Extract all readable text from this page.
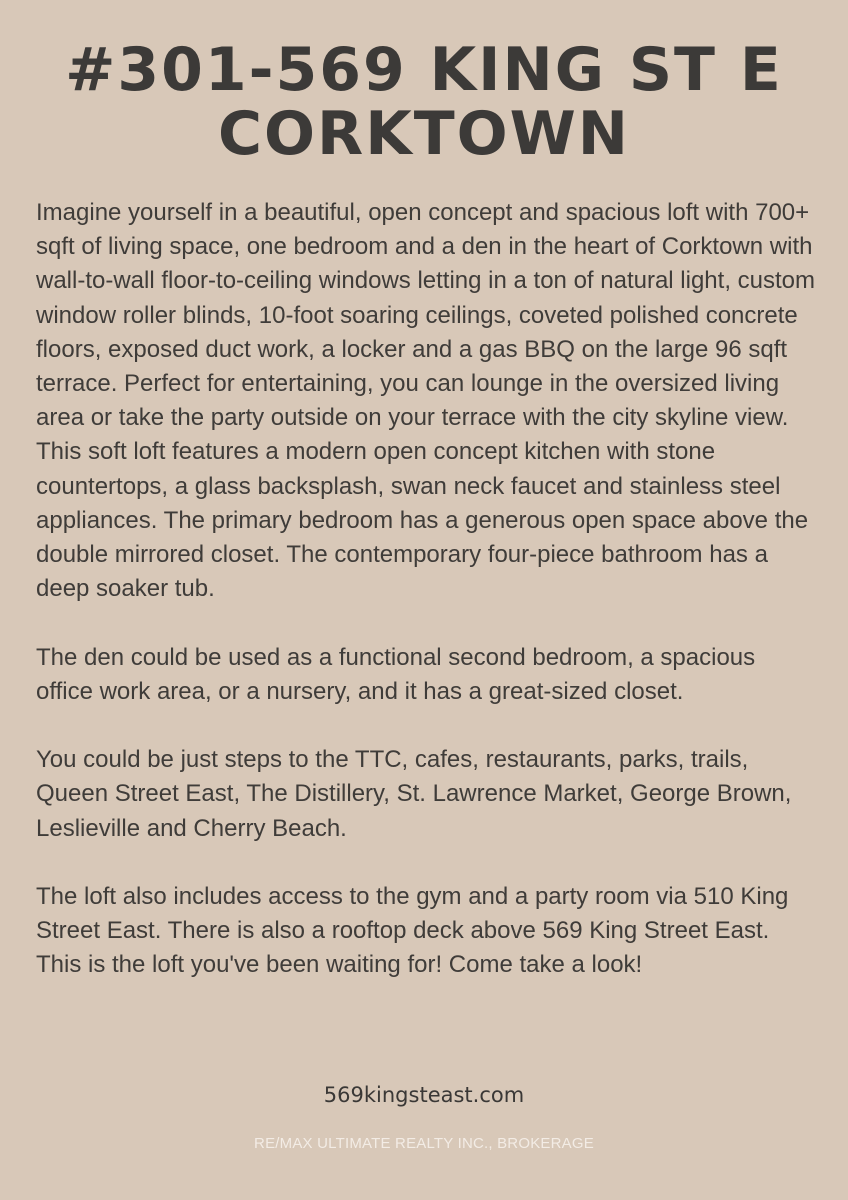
#301-569 KING ST E
CORKTOWN

Imagine yourself in a beautiful, open concept and spacious loft with 700+ sqft of living space, one bedroom and a den in the heart of Corktown with wall-to-wall floor-to-ceiling windows letting in a ton of natural light, custom window roller blinds, 10-foot soaring ceilings, coveted polished concrete floors, exposed duct work, a locker and a gas BBQ on the large 96 sqft terrace. Perfect for entertaining, you can lounge in the oversized living area or take the party outside on your terrace with the city skyline view.

This soft loft features a modern open concept kitchen with stone countertops, a glass backsplash, swan neck faucet and stainless steel appliances. The primary bedroom has a generous open space above the double mirrored closet. The contemporary four-piece bathroom has a deep soaker tub.

The den could be used as a functional second bedroom, a spacious office work area, or a nursery, and it has a great-sized closet.

You could be just steps to the TTC, cafes, restaurants, parks, trails, Queen Street East, The Distillery, St. Lawrence Market, George Brown, Leslieville and Cherry Beach.

The loft also includes access to the gym and a party room via 510 King Street East. There is also a rooftop deck above 569 King Street East. This is the loft you've been waiting for! Come take a look!

569kingsteast.com
RE/MAX ULTIMATE REALTY INC., BROKERAGE
